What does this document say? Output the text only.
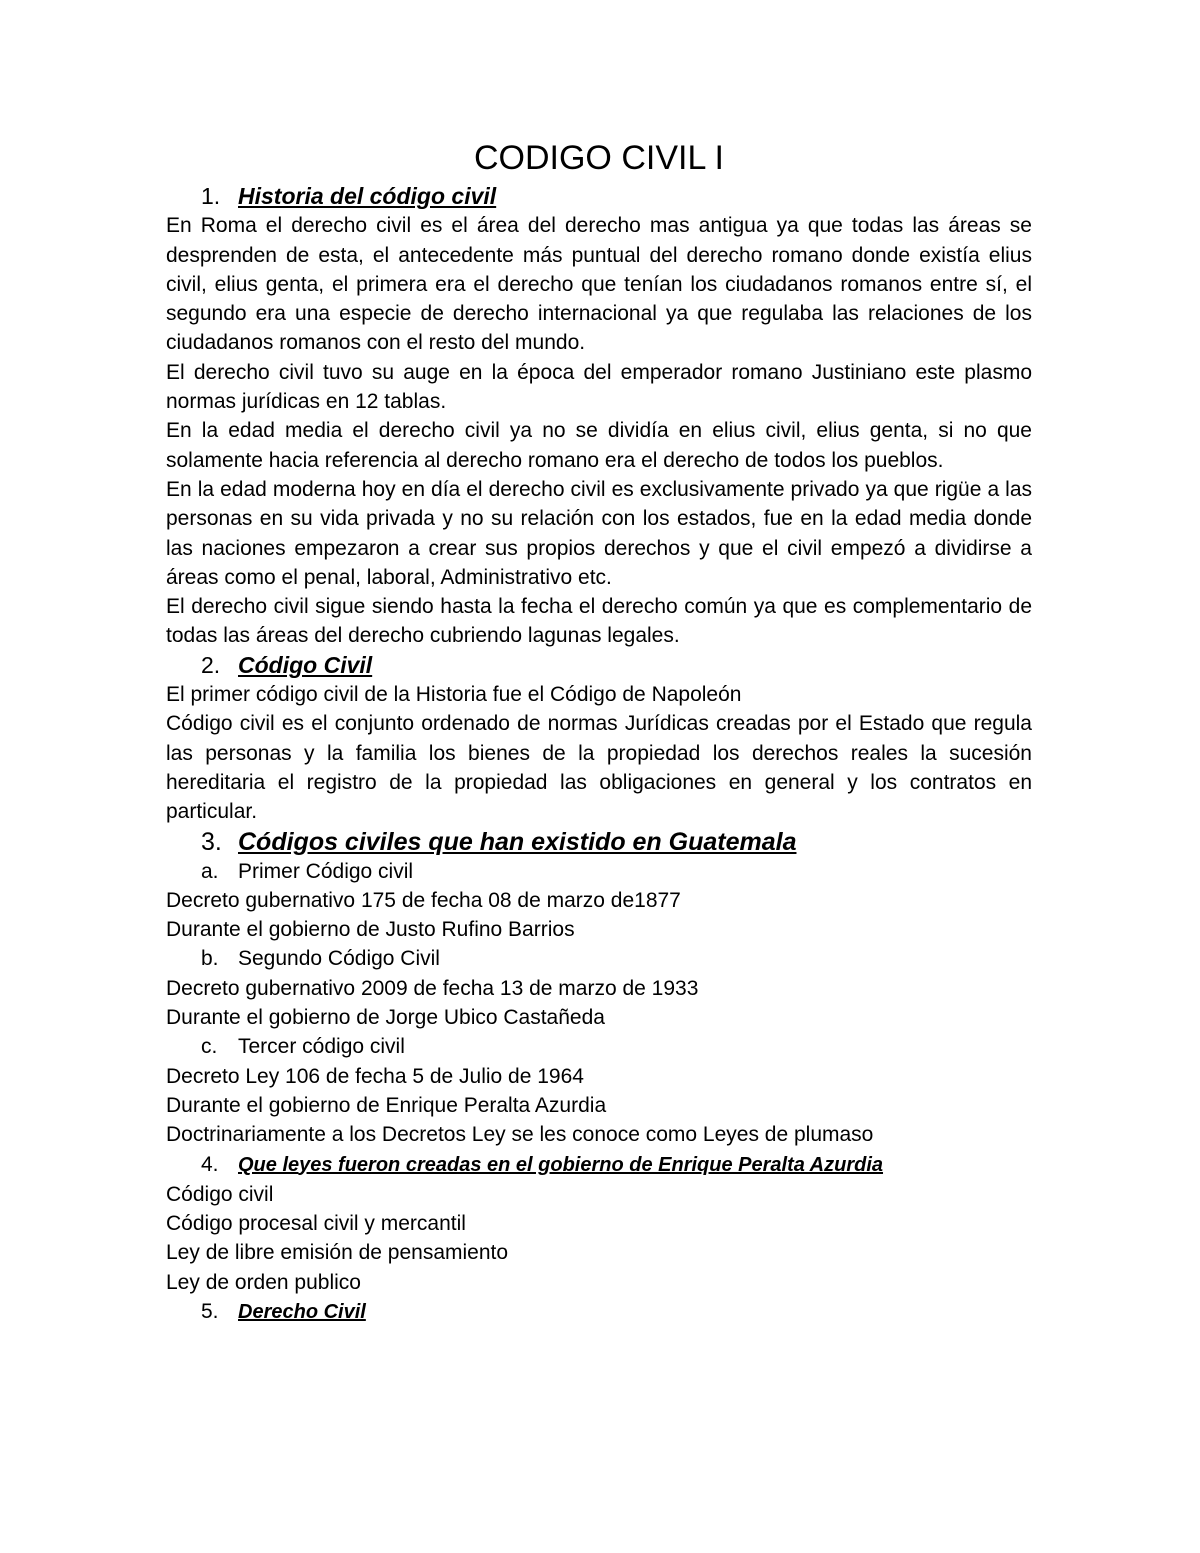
CODIGO CIVIL I
1. Historia del código civil

En Roma el derecho civil es el área del derecho mas antigua ya que todas las áreas se desprenden de esta, el antecedente más puntual del derecho romano donde existía elius civil, elius genta, el primera era el derecho que tenían los ciudadanos romanos entre sí, el segundo era una especie de derecho internacional ya que regulaba las relaciones de los ciudadanos romanos con el resto del mundo.

El derecho civil tuvo su auge en la época del emperador romano Justiniano este plasmo normas jurídicas en 12 tablas.

En la edad media el derecho civil ya no se dividía en elius civil, elius genta, si no que solamente hacia referencia al derecho romano era el derecho de todos los pueblos.

En la edad moderna hoy en día el derecho civil es exclusivamente privado ya que rigüe a las personas en su vida privada y no su relación con los estados, fue en la edad media donde las naciones empezaron a crear sus propios derechos y que el civil empezó a dividirse a áreas como el penal, laboral, Administrativo etc.

El derecho civil sigue siendo hasta la fecha el derecho común ya que es complementario de todas las áreas del derecho cubriendo lagunas legales.

2. Código Civil

El primer código civil de la Historia fue el Código de Napoleón

Código civil es el conjunto ordenado de normas Jurídicas creadas por el Estado que regula las personas y la familia los bienes de la propiedad los derechos reales la sucesión hereditaria el registro de la propiedad las obligaciones en general y los contratos en particular.

3. Códigos civiles que han existido en Guatemala
a. Primer Código civil

Decreto gubernativo 175 de fecha 08 de marzo de1877

Durante el gobierno de Justo Rufino Barrios

b. Segundo Código Civil

Decreto gubernativo 2009 de fecha 13 de marzo de 1933

Durante el gobierno de Jorge Ubico Castañeda

c. Tercer código civil

Decreto Ley 106 de fecha 5 de Julio de 1964

Durante el gobierno de Enrique Peralta Azurdia

Doctrinariamente a los Decretos Ley se les conoce como Leyes de plumaso

4. Que leyes fueron creadas en el gobierno de Enrique Peralta Azurdia

Código civil

Código procesal civil y mercantil

Ley de libre emisión de pensamiento

Ley de orden publico

5. Derecho Civil
